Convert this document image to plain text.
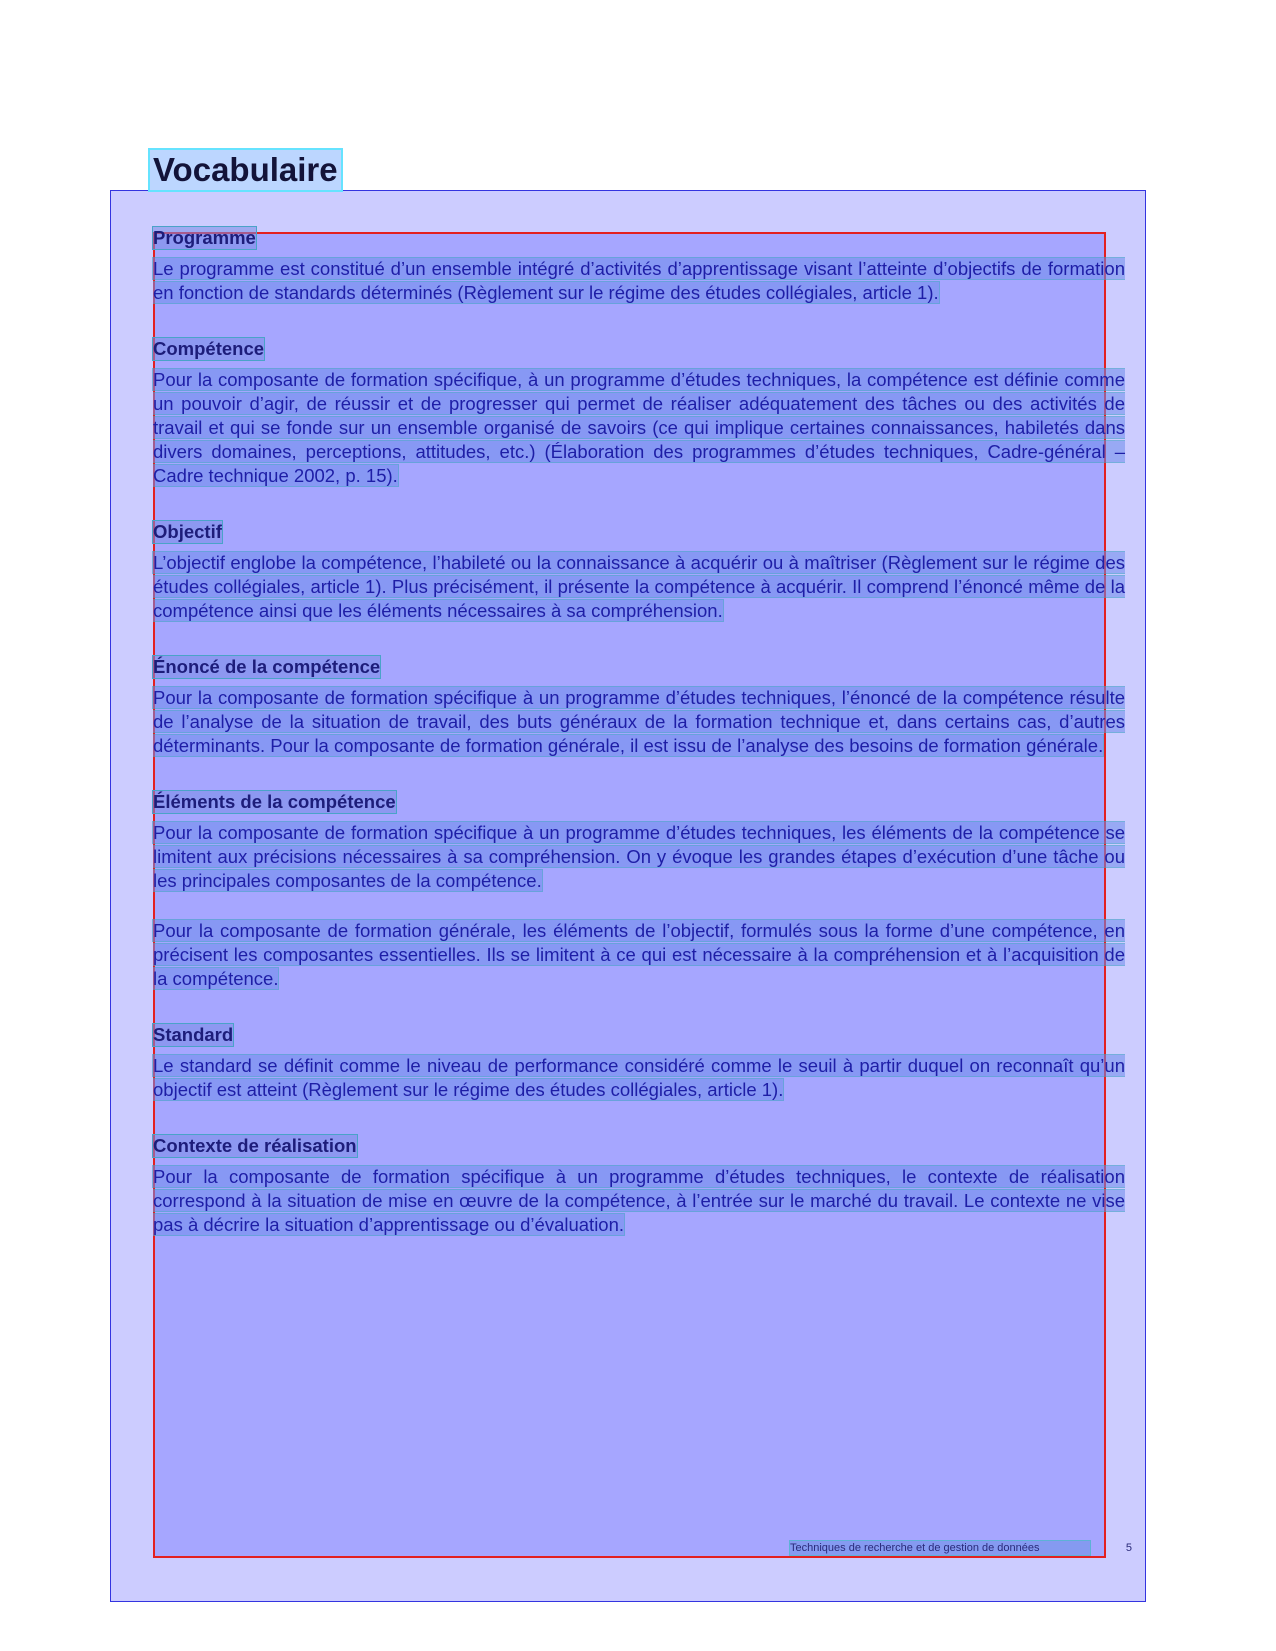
Vocabulaire
Programme

Le programme est constitué d’un ensemble intégré d’activités d’apprentissage visant l’atteinte d’objectifs de formation en fonction de standards déterminés (Règlement sur le régime des études collégiales, article 1).

Compétence

Pour la composante de formation spécifique, à un programme d’études techniques, la compétence est définie comme un pouvoir d’agir, de réussir et de progresser qui permet de réaliser adéquatement des tâches ou des activités de travail et qui se fonde sur un ensemble organisé de savoirs (ce qui implique certaines connaissances, habiletés dans divers domaines, perceptions, attitudes, etc.) (Élaboration des programmes d’études techniques, Cadre-général – Cadre technique 2002, p. 15).

Objectif

L’objectif englobe la compétence, l’habileté ou la connaissance à acquérir ou à maîtriser (Règlement sur le régime des études collégiales, article 1). Plus précisément, il présente la compétence à acquérir. Il comprend l’énoncé même de la compétence ainsi que les éléments nécessaires à sa compréhension.

Énoncé de la compétence

Pour la composante de formation spécifique à un programme d’études techniques, l’énoncé de la compétence résulte de l’analyse de la situation de travail, des buts généraux de la formation technique et, dans certains cas, d’autres déterminants. Pour la composante de formation générale, il est issu de l’analyse des besoins de formation générale.

Éléments de la compétence

Pour la composante de formation spécifique à un programme d’études techniques, les éléments de la compétence se limitent aux précisions nécessaires à sa compréhension. On y évoque les grandes étapes d’exécution d’une tâche ou les principales composantes de la compétence.

Pour la composante de formation générale, les éléments de l’objectif, formulés sous la forme d’une compétence, en précisent les composantes essentielles. Ils se limitent à ce qui est nécessaire à la compréhension et à l’acquisition de la compétence.

Standard

Le standard se définit comme le niveau de performance considéré comme le seuil à partir duquel on reconnaît qu’un objectif est atteint (Règlement sur le régime des études collégiales, article 1).

Contexte de réalisation

Pour la composante de formation spécifique à un programme d’études techniques, le contexte de réalisation correspond à la situation de mise en œuvre de la compétence, à l’entrée sur le marché du travail. Le contexte ne vise pas à décrire la situation d’apprentissage ou d’évaluation.

Techniques de recherche et de gestion de données	5
